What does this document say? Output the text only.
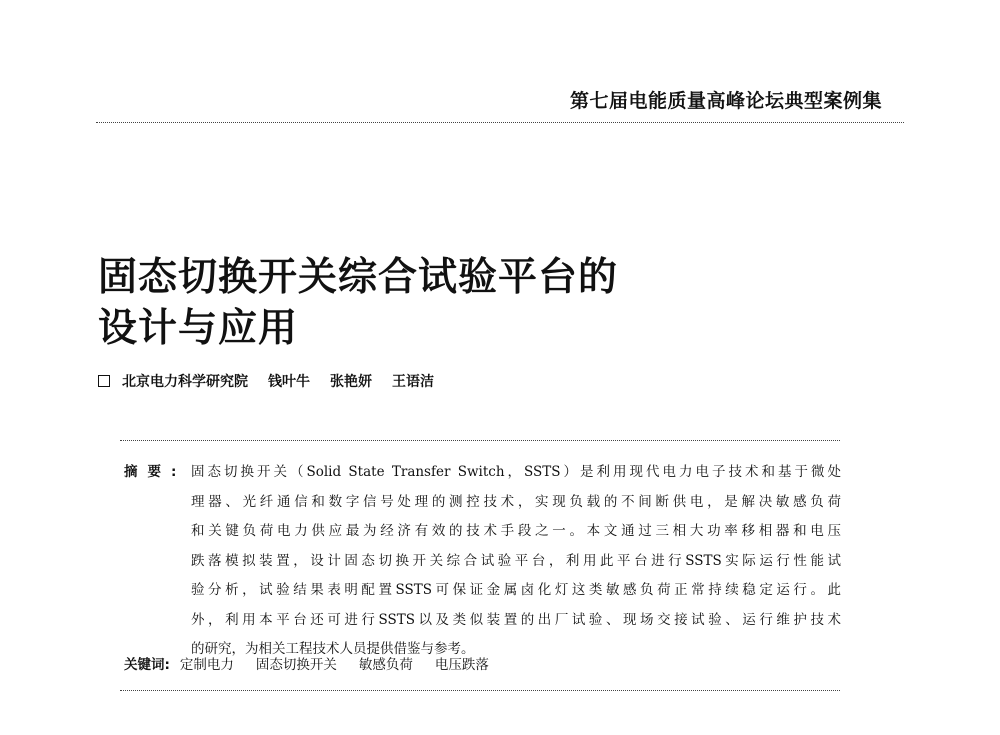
第七届电能质量高峰论坛典型案例集
固态切换开关综合试验平台的
设计与应用
北京电力科学研究院 钱叶牛 张艳妍 王语洁
摘要: 固态切换开关（Solid State Transfer Switch，SSTS）是利用现代电力电子技术和基于微处
理器、光纤通信和数字信号处理的测控技术，实现负载的不间断供电，是解决敏感负荷
和关键负荷电力供应最为经济有效的技术手段之一。本文通过三相大功率移相器和电压
跌落模拟装置，设计固态切换开关综合试验平台，利用此平台进行SSTS实际运行性能试
验分析，试验结果表明配置SSTS可保证金属卤化灯这类敏感负荷正常持续稳定运行。此
外，利用本平台还可进行SSTS以及类似装置的出厂试验、现场交接试验、运行维护技术
的研究，为相关工程技术人员提供借鉴与参考。
关键词: 定制电力 固态切换开关 敏感负荷 电压跌落
